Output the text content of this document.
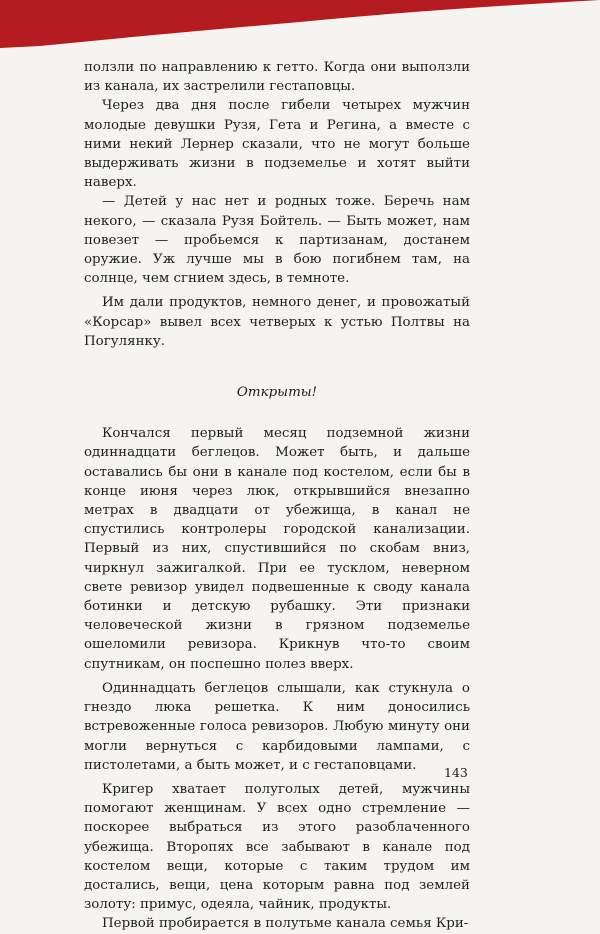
ползли по направлению к гетто. Когда они выползли из канала, их застрелили гестаповцы.

Через два дня после гибели четырех мужчин молодые девушки Рузя, Гета и Регина, а вместе с ними некий Лернер сказали, что не могут больше выдерживать жизни в подземелье и хотят выйти наверх.

— Детей у нас нет и родных тоже. Беречь нам некого, — сказала Рузя Бойтель. — Быть может, нам повезет — пробьемся к партизанам, достанем оружие. Уж лучше мы в бою погибнем там, на солнце, чем сгнием здесь, в темноте.

Им дали продуктов, немного денег, и провожатый «Корсар» вывел всех четверых к устью Полтвы на Погулянку.

Открыты!

Кончался первый месяц подземной жизни одиннадцати беглецов. Может быть, и дальше оставались бы они в канале под костелом, если бы в конце июня через люк, открывшийся внезапно метрах в двадцати от убежища, в канал не спустились контролеры городской канализации. Первый из них, спустившийся по скобам вниз, чиркнул зажигалкой. При ее тусклом, неверном свете ревизор увидел подвешенные к своду канала ботинки и детскую рубашку. Эти признаки человеческой жизни в грязном подземелье ошеломили ревизора. Крикнув что-то своим спутникам, он поспешно полез вверх.

Одиннадцать беглецов слышали, как стукнула о гнездо люка решетка. К ним доносились встревоженные голоса ревизоров. Любую минуту они могли вернуться с карбидовыми лампами, с пистолетами, а быть может, и с гестаповцами.

Кригер хватает полуголых детей, мужчины помогают женщинам. У всех одно стремление — поскорее выбраться из этого разоблаченного убежища. Второпях все забывают в канале под костелом вещи, которые с таким трудом им достались, вещи, цена которым равна под землей золоту: примус, одеяла, чайник, продукты.

Первой пробирается в полутьме канала семья Кри-

143
